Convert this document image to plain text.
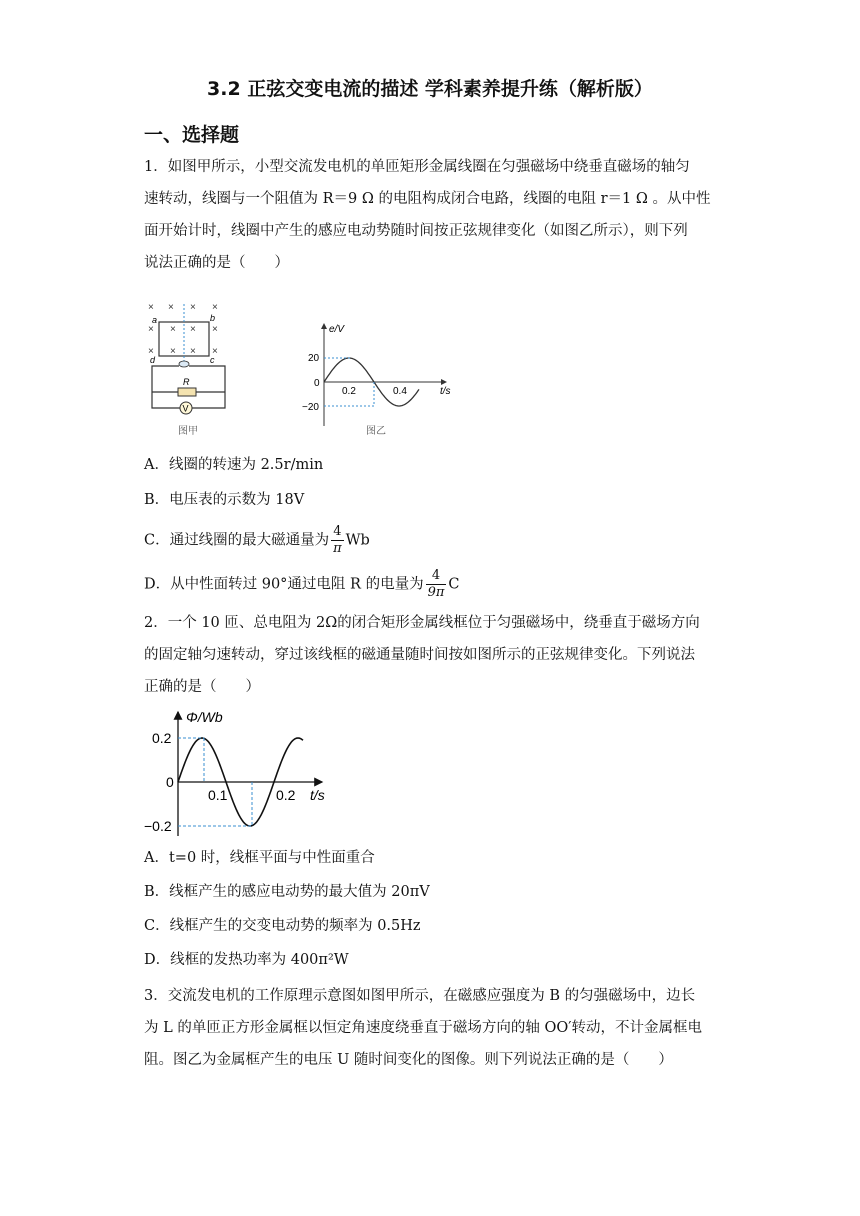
3.2 正弦交变电流的描述 学科素养提升练（解析版）
一、选择题
1．如图甲所示，小型交流发电机的单匝矩形金属线圈在匀强磁场中绕垂直磁场的轴匀
速转动，线圈与一个阻值为 R＝9 Ω 的电阻构成闭合电路，线圈的电阻 r＝1 Ω 。从中性
面开始计时，线圈中产生的感应电动势随时间按正弦规律变化（如图乙所示），则下列
说法正确的是（　　）
× × × ×
×
×
×
×
× ×
× ×
a	b
c
d
R
V
图甲
e/V
t/s
0
20
−20
0.2	0.4
图乙
A．线圈的转速为 2.5r/min
B．电压表的示数为 18V
C．通过线圈的最大磁通量为 $\frac{4}{\pi}$ Wb
D．从中性面转过 90°通过电阻 R 的电量为 $\frac{4}{9\pi}$ C
2．一个 10 匝、总电阻为 2Ω的闭合矩形金属线框位于匀强磁场中，绕垂直于磁场方向
的固定轴匀速转动，穿过该线框的磁通量随时间按如图所示的正弦规律变化。下列说法
正确的是（　　）
Φ/Wb
t/s
0
0.2
−0.2
0.1	0.2
A．t=0 时，线框平面与中性面重合
B．线框产生的感应电动势的最大值为 20πV
C．线框产生的交变电动势的频率为 0.5Hz
D．线框的发热功率为 400π²W
3．交流发电机的工作原理示意图如图甲所示，在磁感应强度为 B 的匀强磁场中，边长
为 L 的单匝正方形金属框以恒定角速度绕垂直于磁场方向的轴 OO′转动，不计金属框电
阻。图乙为金属框产生的电压 U 随时间变化的图像。则下列说法正确的是（　　）
